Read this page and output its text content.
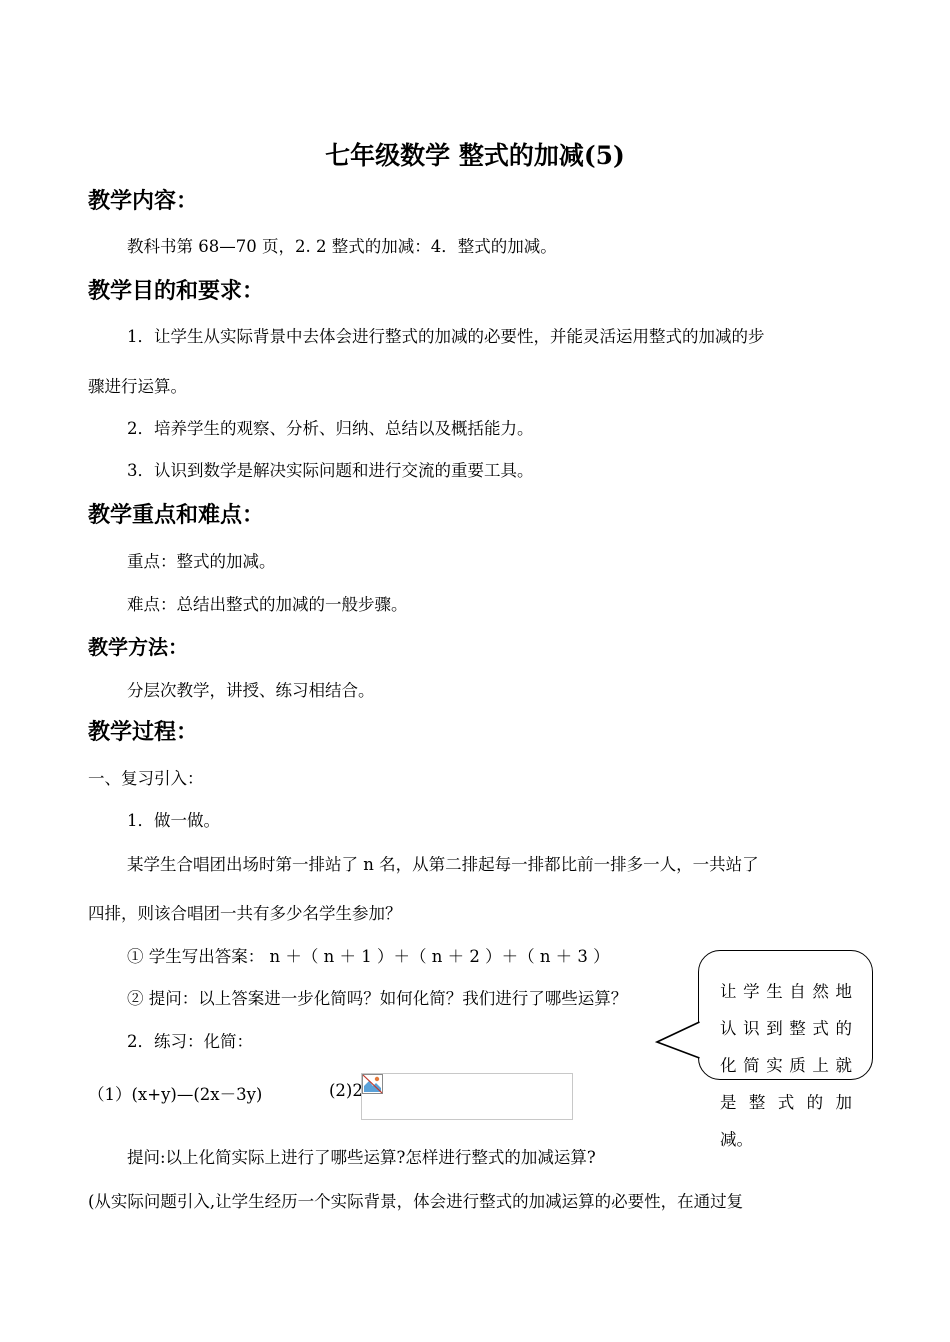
七年级数学 整式的加减(5)
教学内容：
教科书第 68—70 页，2. 2 整式的加减：4．整式的加减。
教学目的和要求：
1．让学生从实际背景中去体会进行整式的加减的必要性，并能灵活运用整式的加减的步
骤进行运算。
2．培养学生的观察、分析、归纳、总结以及概括能力。
3．认识到数学是解决实际问题和进行交流的重要工具。
教学重点和难点：
重点：整式的加减。
难点：总结出整式的加减的一般步骤。
教学方法：
分层次教学，讲授、练习相结合。
教学过程：
一、复习引入：
1．做一做。
某学生合唱团出场时第一排站了 n 名，从第二排起每一排都比前一排多一人，一共站了
四排，则该合唱团一共有多少名学生参加？
① 学生写出答案： n ＋（ n ＋ 1 ）＋（ n ＋ 2 ）＋（ n ＋ 3 ）
② 提问：以上答案进一步化简吗？如何化简？我们进行了哪些运算？
2．练习：化简：
（1）(x+y)—(2x－3y)	(2)2
提问:以上化简实际上进行了哪些运算?怎样进行整式的加减运算?
(从实际问题引入,让学生经历一个实际背景，体会进行整式的加减运算的必要性，在通过复
让学生自然地
认识到整式的
化简实质上就
是整式的加
减。
